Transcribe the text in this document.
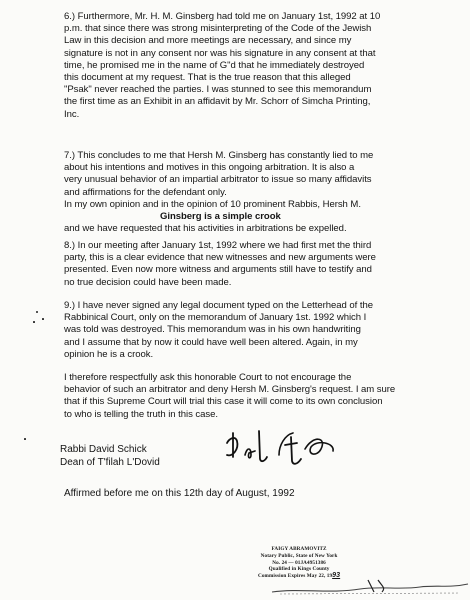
6.) Furthermore, Mr. H. M. Ginsberg had told me on January 1st, 1992 at 10
p.m. that since there was strong misinterpreting of the Code of the Jewish
Law in this decision and more meetings are necessary, and since my
signature is not in any consent nor was his signature in any consent at that
time, he promised me in the name of G"d that he immediately destroyed
this document at my request. That is the true reason that this alleged
"Psak" never reached the parties. I was stunned to see this memorandum
the first time as an Exhibit in an affidavit by Mr. Schorr of Simcha Printing,
Inc.
7.) This concludes to me that Hersh M. Ginsberg has constantly lied to me
about his intentions and motives in this ongoing arbitration. It is also a
very unusual behavior of an impartial arbitrator to issue so many affidavits
and affirmations for the defendant only.
In my own opinion and in the opinion of 10 prominent Rabbis, Hersh M.
Ginsberg is a simple crook
and we have requested that his activities in arbitrations be expelled.
8.) In our meeting after January 1st, 1992 where we had first met the third
party, this is a clear evidence that new witnesses and new arguments were
presented. Even now more witness and arguments still have to testify and
no true decision could have been made.
9.) I have never signed any legal document typed on the Letterhead of the
Rabbinical Court, only on the memorandum of January 1st. 1992 which I
was told was destroyed. This memorandum was in his own handwriting
and I assume that by now it could have well been altered. Again, in my
opinion he is a crook.
I therefore respectfully ask this honorable Court to not encourage the
behavior of such an arbitrator and deny Hersh M. Ginsberg's request. I am sure
that if this Supreme Court will trial this case it will come to its own conclusion
to who is telling the truth in this case.
Rabbi David Schick
Dean of T'filah L'Dovid
Affirmed before me on this 12th day of August, 1992
FAIGY ABRAMOVITZ
Notary Public, State of New York
No. 24 — 01JA4951386
Qualified in Kings County
Commission Expires May 22, 1993
